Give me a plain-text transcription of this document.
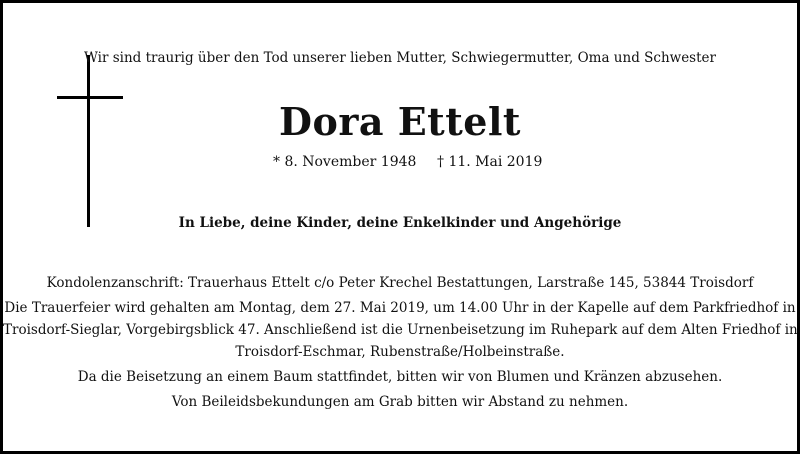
Wir sind traurig über den Tod unserer lieben Mutter, Schwiegermutter, Oma und Schwester
Dora Ettelt
* 8. November 1948 † 11. Mai 2019
In Liebe, deine Kinder, deine Enkelkinder und Angehörige
Kondolenzanschrift: Trauerhaus Ettelt c/o Peter Krechel Bestattungen, Larstraße 145, 53844 Troisdorf
Die Trauerfeier wird gehalten am Montag, dem 27. Mai 2019, um 14.00 Uhr in der Kapelle auf dem Parkfriedhof in
Troisdorf-Sieglar, Vorgebirgsblick 47. Anschließend ist die Urnenbeisetzung im Ruhepark auf dem Alten Friedhof in
Troisdorf-Eschmar, Rubenstraße/Holbeinstraße.
Da die Beisetzung an einem Baum stattfindet, bitten wir von Blumen und Kränzen abzusehen.
Von Beileidsbekundungen am Grab bitten wir Abstand zu nehmen.
